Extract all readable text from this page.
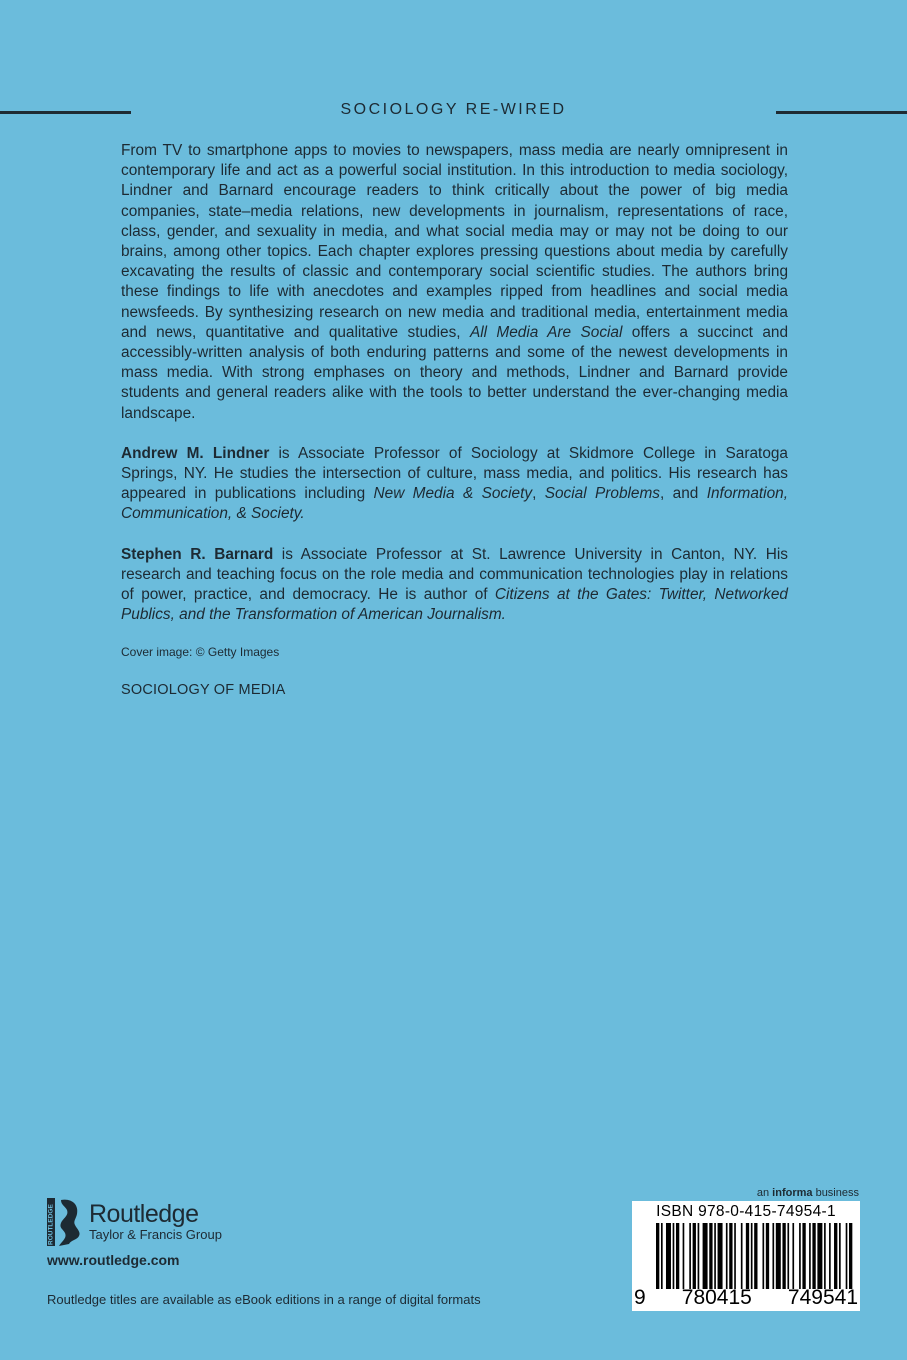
SOCIOLOGY RE-WIRED

From TV to smartphone apps to movies to newspapers, mass media are nearly omnipresent in contemporary life and act as a powerful social institution. In this introduction to media sociology, Lindner and Barnard encourage readers to think critically about the power of big media companies, state–media relations, new developments in journalism, representations of race, class, gender, and sexuality in media, and what social media may or may not be doing to our brains, among other topics. Each chapter explores pressing questions about media by carefully excavating the results of classic and contemporary social scientific studies. The authors bring these findings to life with anecdotes and examples ripped from headlines and social media newsfeeds. By synthesizing research on new media and traditional media, entertainment media and news, quantitative and qualitative studies, All Media Are Social offers a succinct and accessibly-written analysis of both enduring patterns and some of the newest developments in mass media. With strong emphases on theory and methods, Lindner and Barnard provide students and general readers alike with the tools to better understand the ever-changing media landscape.

Andrew M. Lindner is Associate Professor of Sociology at Skidmore College in Saratoga Springs, NY. He studies the intersection of culture, mass media, and politics. His research has appeared in publications including New Media & Society, Social Problems, and Information, Communication, & Society.

Stephen R. Barnard is Associate Professor at St. Lawrence University in Canton, NY. His research and teaching focus on the role media and communication technologies play in relations of power, practice, and democracy. He is author of Citizens at the Gates: Twitter, Networked Publics, and the Transformation of American Journalism.

Cover image: © Getty Images

SOCIOLOGY OF MEDIA

ROUTLEDGE Routledge
Taylor & Francis Group
www.routledge.com
Routledge titles are available as eBook editions in a range of digital formats
an informa business
ISBN 978-0-415-74954-1
9 780415 749541
